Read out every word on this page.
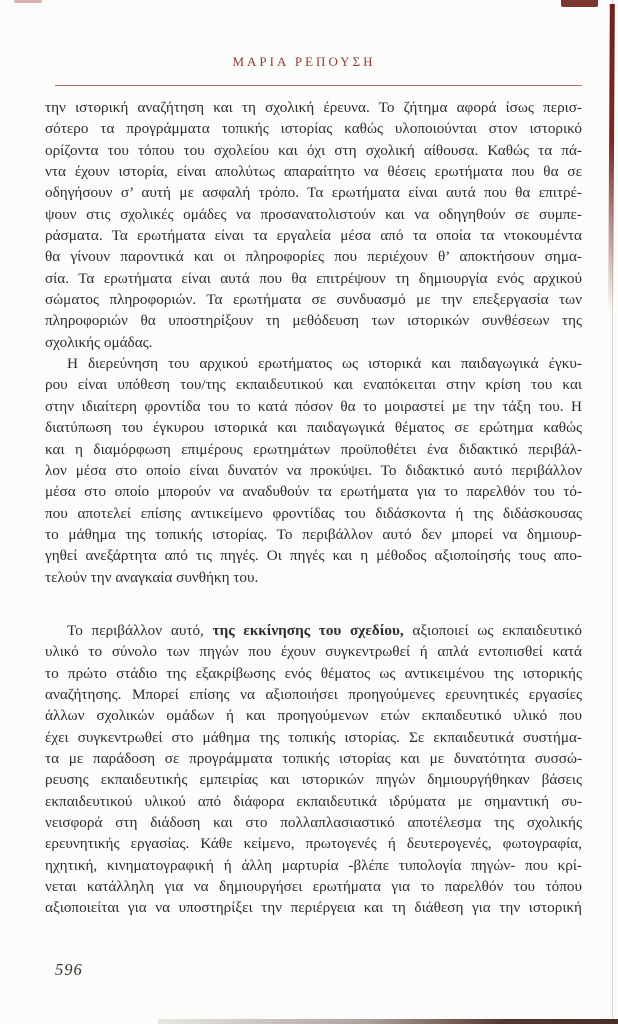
ΜΑΡΙΑ ΡΕΠΟΥΣΗ
την ιστορική αναζήτηση και τη σχολική έρευνα. Το ζήτημα αφορά ίσως περισ-
σότερο τα προγράμματα τοπικής ιστορίας καθώς υλοποιούνται στον ιστορικό
ορίζοντα του τόπου του σχολείου και όχι στη σχολική αίθουσα. Καθώς τα πά-
ντα έχουν ιστορία, είναι απολύτως απαραίτητο να θέσεις ερωτήματα που θα σε
οδηγήσουν σ’ αυτή με ασφαλή τρόπο. Τα ερωτήματα είναι αυτά που θα επιτρέ-
ψουν στις σχολικές ομάδες να προσανατολιστούν και να οδηγηθούν σε συμπε-
ράσματα. Τα ερωτήματα είναι τα εργαλεία μέσα από τα οποία τα ντοκουμέντα
θα γίνουν παροντικά και οι πληροφορίες που περιέχουν θ’ αποκτήσουν σημα-
σία. Τα ερωτήματα είναι αυτά που θα επιτρέψουν τη δημιουργία ενός αρχικού
σώματος πληροφοριών. Τα ερωτήματα σε συνδυασμό με την επεξεργασία των
πληροφοριών θα υποστηρίξουν τη μεθόδευση των ιστορικών συνθέσεων της
σχολικής ομάδας.
Η διερεύνηση του αρχικού ερωτήματος ως ιστορικά και παιδαγωγικά έγκυ-
ρου είναι υπόθεση του/της εκπαιδευτικού και εναπόκειται στην κρίση του και
στην ιδιαίτερη φροντίδα του το κατά πόσον θα το μοιραστεί με την τάξη του. Η
διατύπωση του έγκυρου ιστορικά και παιδαγωγικά θέματος σε ερώτημα καθώς
και η διαμόρφωση επιμέρους ερωτημάτων προϋποθέτει ένα διδακτικό περιβάλ-
λον μέσα στο οποίο είναι δυνατόν να προκύψει. Το διδακτικό αυτό περιβάλλον
μέσα στο οποίο μπορούν να αναδυθούν τα ερωτήματα για το παρελθόν του τό-
που αποτελεί επίσης αντικείμενο φροντίδας του διδάσκοντα ή της διδάσκουσας
το μάθημα της τοπικής ιστορίας. Το περιβάλλον αυτό δεν μπορεί να δημιουρ-
γηθεί ανεξάρτητα από τις πηγές. Οι πηγές και η μέθοδος αξιοποίησής τους απο-
τελούν την αναγκαία συνθήκη του.
Το περιβάλλον αυτό, της εκκίνησης του σχεδίου, αξιοποιεί ως εκπαιδευτικό
υλικό το σύνολο των πηγών που έχουν συγκεντρωθεί ή απλά εντοπισθεί κατά
το πρώτο στάδιο της εξακρίβωσης ενός θέματος ως αντικειμένου της ιστορικής
αναζήτησης. Μπορεί επίσης να αξιοποιήσει προηγούμενες ερευνητικές εργασίες
άλλων σχολικών ομάδων ή και προηγούμενων ετών εκπαιδευτικό υλικό που
έχει συγκεντρωθεί στο μάθημα της τοπικής ιστορίας. Σε εκπαιδευτικά συστήμα-
τα με παράδοση σε προγράμματα τοπικής ιστορίας και με δυνατότητα συσσώ-
ρευσης εκπαιδευτικής εμπειρίας και ιστορικών πηγών δημιουργήθηκαν βάσεις
εκπαιδευτικού υλικού από διάφορα εκπαιδευτικά ιδρύματα με σημαντική συ-
νεισφορά στη διάδοση και στο πολλαπλασιαστικό αποτέλεσμα της σχολικής
ερευνητικής εργασίας. Κάθε κείμενο, πρωτογενές ή δευτερογενές, φωτογραφία,
ηχητική, κινηματογραφική ή άλλη μαρτυρία -βλέπε τυπολογία πηγών- που κρί-
νεται κατάλληλη για να δημιουργήσει ερωτήματα για το παρελθόν του τόπου
αξιοποιείται για να υποστηρίξει την περιέργεια και τη διάθεση για την ιστορική
596
